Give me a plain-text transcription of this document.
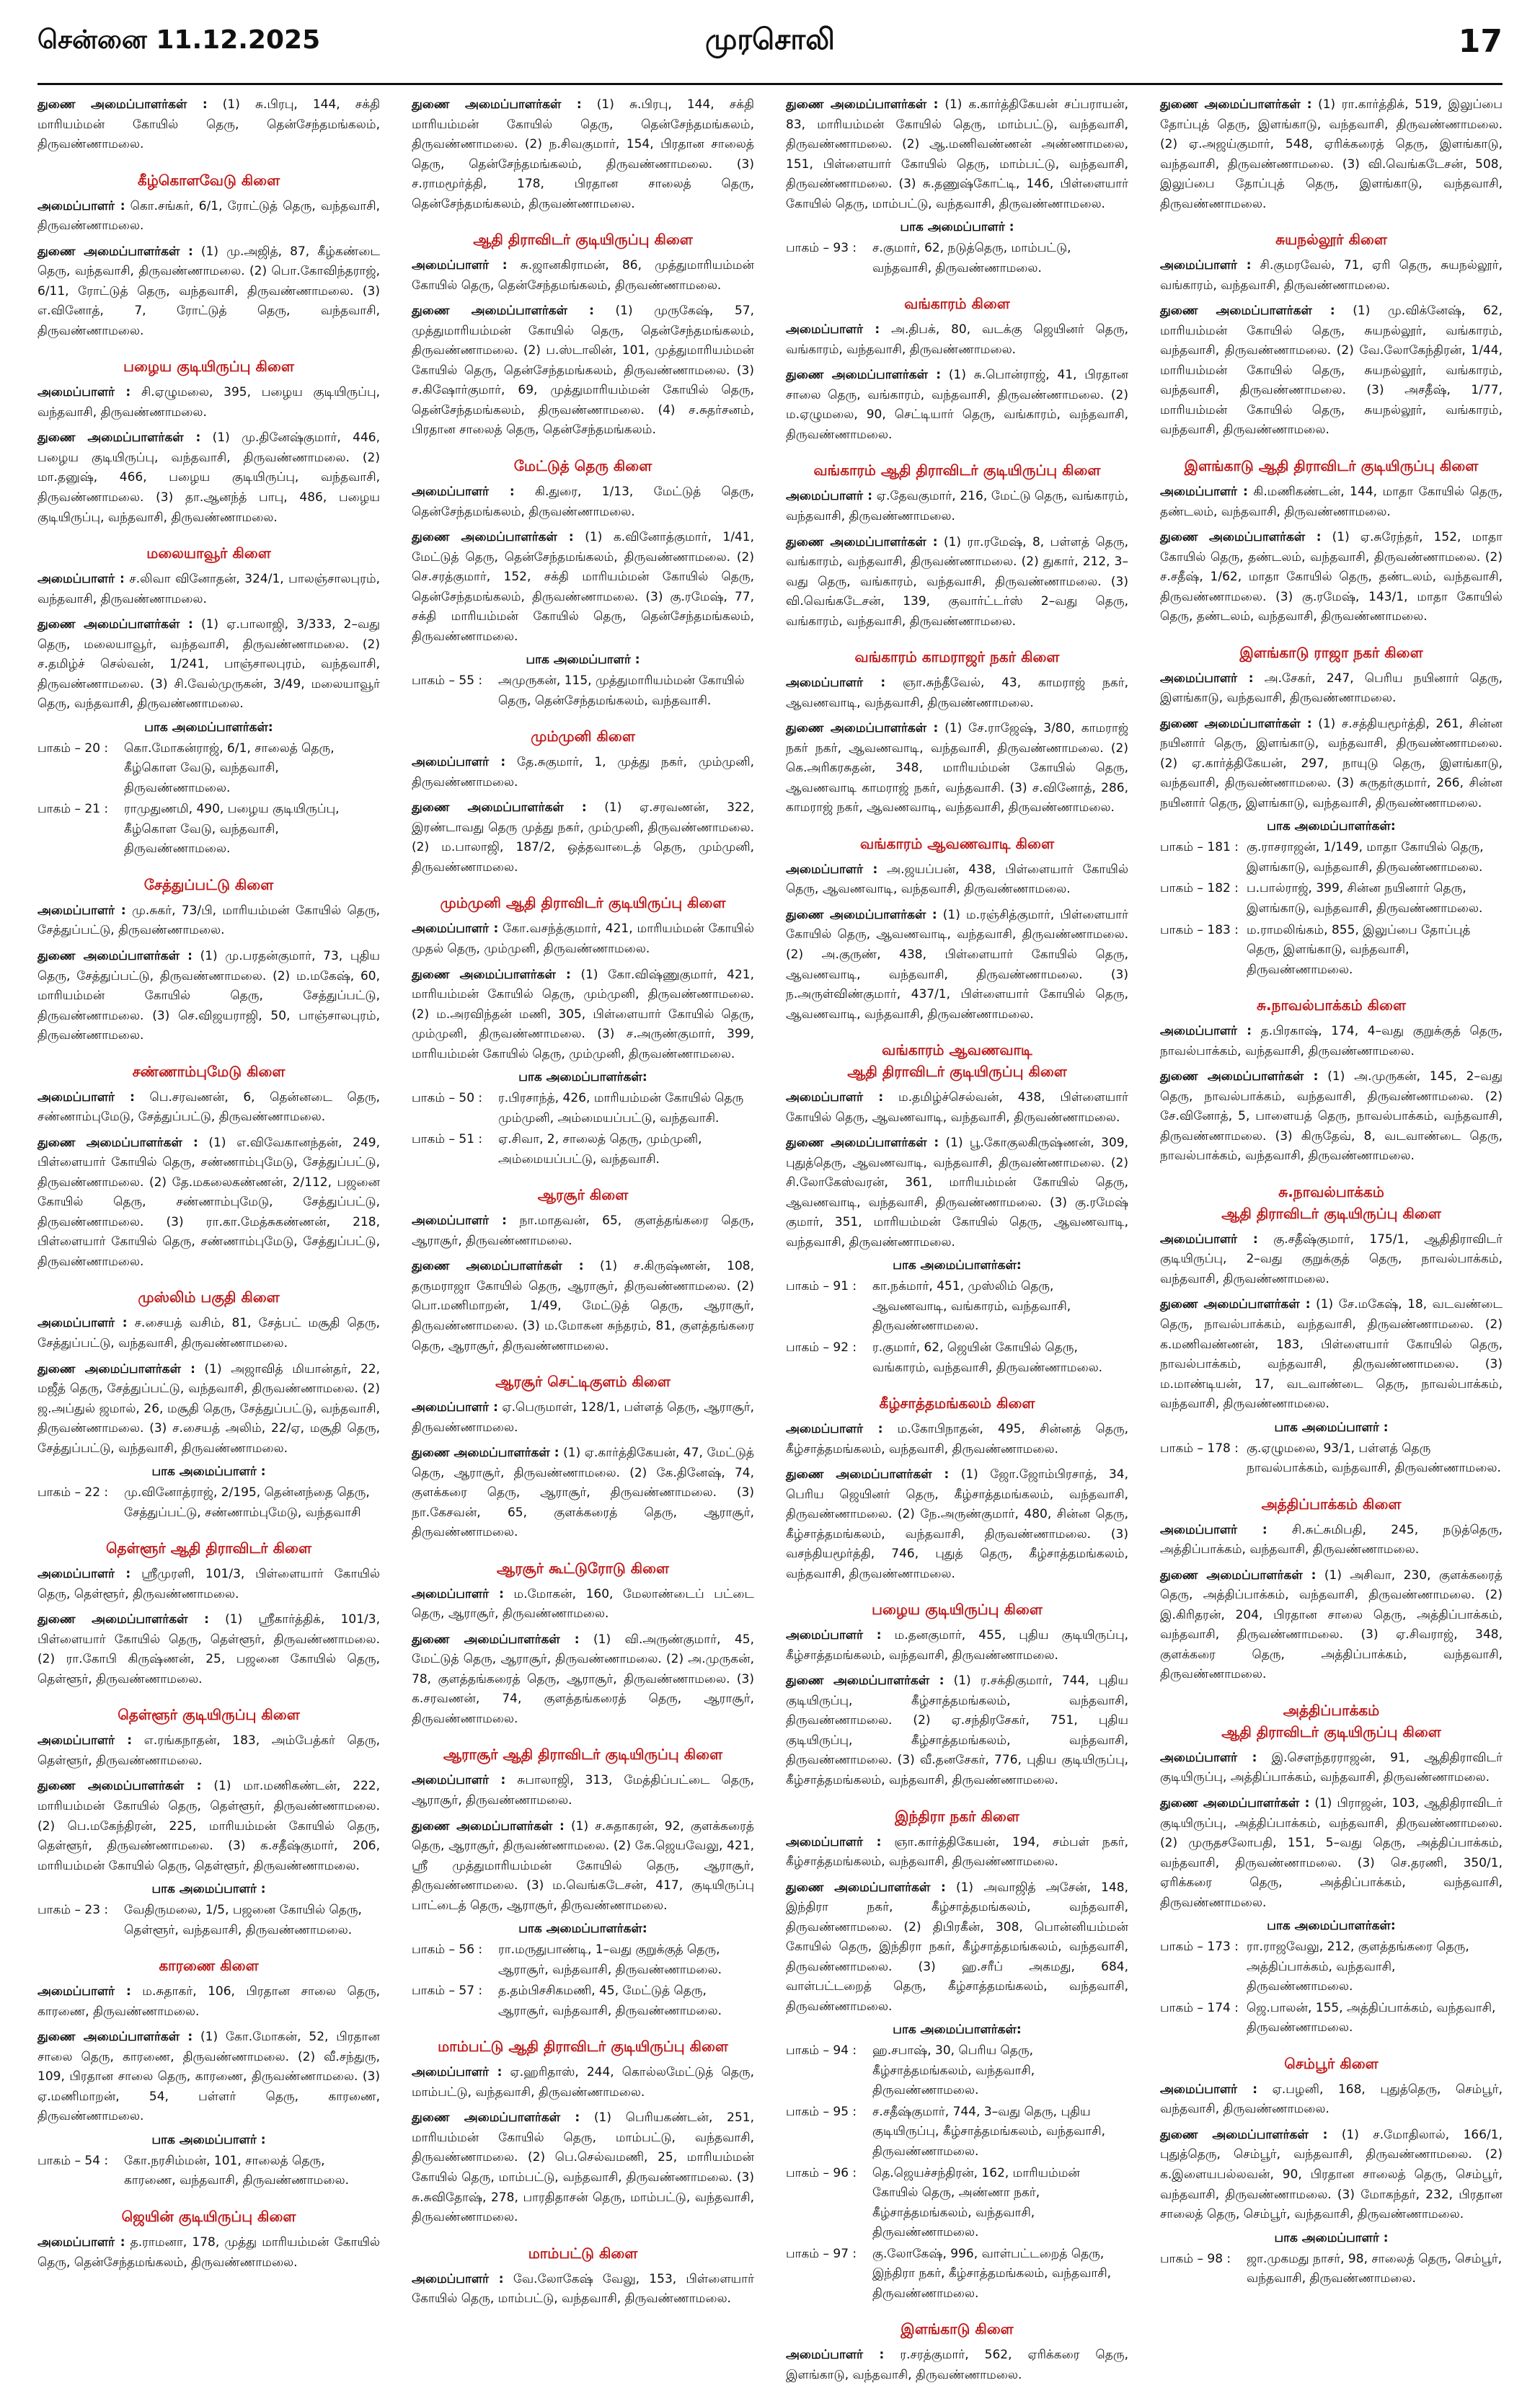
சென்னை 11.12.2025	முரசொலி	17

துணை அமைப்பாளர்கள் : (1) சு.பிரபு, 144, சக்தி மாரியம்மன் கோயில் தெரு, தென்சேந்தமங்கலம், திருவண்ணாமலை.

கீழ்கொளவேடு கிளை

அமைப்பாளர் : கொ.சங்கர், 6/1, ரோட்டுத் தெரு, வந்தவாசி, திருவண்ணாமலை.

துணை அமைப்பாளர்கள் : (1) மு.அஜித், 87, கீழ்கண்டை தெரு, வந்தவாசி, திருவண்ணாமலை. (2) பொ.கோவிந்தராஜ், 6/11, ரோட்டுத் தெரு, வந்தவாசி, திருவண்ணாமலை. (3) எ.வினோத், 7, ரோட்டுத் தெரு, வந்தவாசி, திருவண்ணாமலை.

பழைய குடியிருப்பு கிளை

அமைப்பாளர் : சி.ஏழுமலை, 395, பழைய குடியிருப்பு, வந்தவாசி, திருவண்ணாமலை.

துணை அமைப்பாளர்கள் : (1) மு.தினேஷ்குமார், 446, பழைய குடியிருப்பு, வந்தவாசி, திருவண்ணாமலை. (2) மா.தனுஷ், 466, பழைய குடியிருப்பு, வந்தவாசி, திருவண்ணாமலை. (3) தா.ஆனந்த் பாபு, 486, பழைய குடியிருப்பு, வந்தவாசி, திருவண்ணாமலை.

மலையாவூர் கிளை

அமைப்பாளர் : ச.லிவா வினோதன், 324/1, பாலஞ்சாலபுரம், வந்தவாசி, திருவண்ணாமலை.

துணை அமைப்பாளர்கள் : (1) ஏ.பாலாஜி, 3/333, 2–வது தெரு, மலையாவூர், வந்தவாசி, திருவண்ணாமலை. (2) ச.தமிழ்ச் செல்வன், 1/241, பாஞ்சாலபுரம், வந்தவாசி, திருவண்ணாமலை. (3) சி.வேல்முருகன், 3/49, மலையாவூர் தெரு, வந்தவாசி, திருவண்ணாமலை.

பாக அமைப்பாளர்கள்:
பாகம் – 20 :	கொ.மோகன்ராஜ், 6/1, சாலைத் தெரு, கீழ்கொள வேடு, வந்தவாசி, திருவண்ணாமலை.
பாகம் – 21 :	ராமுதுணமி, 490, பழைய குடியிருப்பு, கீழ்கொள வேடு, வந்தவாசி, திருவண்ணாமலை.
சேத்துப்பட்டு கிளை

அமைப்பாளர் : மு.சுகர், 73/பி, மாரியம்மன் கோயில் தெரு, சேத்துப்பட்டு, திருவண்ணாமலை.

துணை அமைப்பாளர்கள் : (1) மு.பரதன்குமார், 73, புதிய தெரு, சேத்துப்பட்டு, திருவண்ணாமலை. (2) ம.மகேஷ், 60, மாரியம்மன் கோயில் தெரு, சேத்துப்பட்டு, திருவண்ணாமலை. (3) செ.விஜயராஜி, 50, பாஞ்சாலபுரம், திருவண்ணாமலை.

சண்ணாம்புமேடு கிளை

அமைப்பாளர் : பெ.சரவணன், 6, தென்னடை தெரு, சண்ணாம்புமேடு, சேத்துப்பட்டு, திருவண்ணாமலை.

துணை அமைப்பாளர்கள் : (1) எ.விவேகானந்தன், 249, பிள்ளையார் கோயில் தெரு, சண்ணாம்புமேடு, சேத்துப்பட்டு, திருவண்ணாமலை. (2) தே.மகலைகண்ணன், 2/112, பஜனை கோயில் தெரு, சண்ணாம்புமேடு, சேத்துப்பட்டு, திருவண்ணாமலை. (3) ரா.கா.மேத்சுகண்ணன், 218, பிள்ளையார் கோயில் தெரு, சண்ணாம்புமேடு, சேத்துப்பட்டு, திருவண்ணாமலை.

முஸ்லிம் பகுதி கிளை

அமைப்பாளர் : ச.சையத் வசிம், 81, சேத்பட் மசூதி தெரு, சேத்துப்பட்டு, வந்தவாசி, திருவண்ணாமலை.

துணை அமைப்பாளர்கள் : (1) அஜாவித் மியான்தர், 22, மஜீத் தெரு, சேத்துப்பட்டு, வந்தவாசி, திருவண்ணாமலை. (2) ஜ.அப்துல் ஜமால், 26, மசூதி தெரு, சேத்துப்பட்டு, வந்தவாசி, திருவண்ணாமலை. (3) ச.சையத் அலிம், 22/ஏ, மசூதி தெரு, சேத்துப்பட்டு, வந்தவாசி, திருவண்ணாமலை.

பாக அமைப்பாளர் :
பாகம் – 22 :	மு.வினோத்ராஜ், 2/195, தென்னந்தை தெரு, சேத்துப்பட்டு, சண்ணாம்புமேடு, வந்தவாசி
தெள்ளூர் ஆதி திராவிடர் கிளை

அமைப்பாளர் : ஸ்ரீமுரளி, 101/3, பிள்ளையார் கோயில் தெரு, தெள்ளூர், திருவண்ணாமலை.

துணை அமைப்பாளர்கள் : (1) ஸ்ரீகார்த்திக், 101/3, பிள்ளையார் கோயில் தெரு, தெள்ளூர், திருவண்ணாமலை. (2) ரா.கோபி கிருஷ்ணன், 25, பஜனை கோயில் தெரு, தெள்ளூர், திருவண்ணாமலை.

தெள்ளூர் குடியிருப்பு கிளை

அமைப்பாளர் : எ.ரங்கநாதன், 183, அம்பேத்கர் தெரு, தெள்ளூர், திருவண்ணாமலை.

துணை அமைப்பாளர்கள் : (1) மா.மணிகண்டன், 222, மாரியம்மன் கோயில் தெரு, தெள்ளூர், திருவண்ணாமலை. (2) பெ.மகேந்திரன், 225, மாரியம்மன் கோயில் தெரு, தெள்ளூர், திருவண்ணாமலை. (3) க.சதீஷ்குமார், 206, மாரியம்மன் கோயில் தெரு, தெள்ளூர், திருவண்ணாமலை.

பாக அமைப்பாளர் :
பாகம் – 23 :	வேதிருமலை, 1/5, பஜனை கோயில் தெரு, தெள்ளூர், வந்தவாசி, திருவண்ணாமலை.
காரணை கிளை

அமைப்பாளர் : ம.சுதாகர், 106, பிரதான சாலை தெரு, காரணை, திருவண்ணாமலை.

துணை அமைப்பாளர்கள் : (1) கோ.மோகன், 52, பிரதான சாலை தெரு, காரணை, திருவண்ணாமலை. (2) வீ.சந்துரு, 109, பிரதான சாலை தெரு, காரணை, திருவண்ணாமலை. (3) ஏ.மணிமாறன், 54, பள்ளர் தெரு, காரணை, திருவண்ணாமலை.

பாக அமைப்பாளர் :
பாகம் – 54 :	கோ.நரசிம்மன், 101, சாலைத் தெரு, காரணை, வந்தவாசி, திருவண்ணாமலை.
ஜெயின் குடியிருப்பு கிளை

அமைப்பாளர் : த.ராமனா, 178, முத்து மாரியம்மன் கோயில் தெரு, தென்சேந்தமங்கலம், திருவண்ணாமலை.

துணை அமைப்பாளர்கள் : (1) சு.பிரபு, 144, சக்தி மாரியம்மன் கோயில் தெரு, தென்சேந்தமங்கலம், திருவண்ணாமலை. (2) ந.சிவகுமார், 154, பிரதான சாலைத் தெரு, தென்சேந்தமங்கலம், திருவண்ணாமலை. (3) ச.ராமமூர்த்தி, 178, பிரதான சாலைத் தெரு, தென்சேந்தமங்கலம், திருவண்ணாமலை.

ஆதி திராவிடர் குடியிருப்பு கிளை

அமைப்பாளர் : சு.ஜானகிராமன், 86, முத்துமாரியம்மன் கோயில் தெரு, தென்சேந்தமங்கலம், திருவண்ணாமலை.

துணை அமைப்பாளர்கள் : (1) முருகேஷ், 57, முத்துமாரியம்மன் கோயில் தெரு, தென்சேந்தமங்கலம், திருவண்ணாமலை. (2) ப.ஸ்டாலின், 101, முத்துமாரியம்மன் கோயில் தெரு, தென்சேந்தமங்கலம், திருவண்ணாமலை. (3) ச.கிஷோர்குமார், 69, முத்துமாரியம்மன் கோயில் தெரு, தென்சேந்தமங்கலம், திருவண்ணாமலை. (4) ச.சுதர்சனம், பிரதான சாலைத் தெரு, தென்சேந்தமங்கலம்.

மேட்டுத் தெரு கிளை

அமைப்பாளர் : கி.துரை, 1/13, மேட்டுத் தெரு, தென்சேந்தமங்கலம், திருவண்ணாமலை.

துணை அமைப்பாளர்கள் : (1) க.வினோத்குமார், 1/41, மேட்டுத் தெரு, தென்சேந்தமங்கலம், திருவண்ணாமலை. (2) செ.சரத்குமார், 152, சக்தி மாரியம்மன் கோயில் தெரு, தென்சேந்தமங்கலம், திருவண்ணாமலை. (3) கு.ரமேஷ், 77, சக்தி மாரியம்மன் கோயில் தெரு, தென்சேந்தமங்கலம், திருவண்ணாமலை.

பாக அமைப்பாளர் :
பாகம் – 55 :	அமுருகன், 115, முத்துமாரியம்மன் கோயில் தெரு, தென்சேந்தமங்கலம், வந்தவாசி.
மும்முனி கிளை

அமைப்பாளர் : தே.சுகுமார், 1, முத்து நகர், மும்முனி, திருவண்ணாமலை.

துணை அமைப்பாளர்கள் : (1) ஏ.சரவணன், 322, இரண்டாவது தெரு முத்து நகர், மும்முனி, திருவண்ணாமலை. (2) ம.பாலாஜி, 187/2, ஒத்தவாடைத் தெரு, மும்முனி, திருவண்ணாமலை.

மும்முனி ஆதி திராவிடர் குடியிருப்பு கிளை

அமைப்பாளர் : கோ.வசந்த்குமார், 421, மாரியம்மன் கோயில் முதல் தெரு, மும்முனி, திருவண்ணாமலை.

துணை அமைப்பாளர்கள் : (1) கோ.விஷ்ணுகுமார், 421, மாரியம்மன் கோயில் தெரு, மும்முனி, திருவண்ணாமலை. (2) ம.அரவிந்தன் மணி, 305, பிள்ளையார் கோயில் தெரு, மும்முனி, திருவண்ணாமலை. (3) ச.அருண்குமார், 399, மாரியம்மன் கோயில் தெரு, மும்முனி, திருவண்ணாமலை.

பாக அமைப்பாளர்கள்:
பாகம் – 50 :	ர.பிரசாந்த், 426, மாரியம்மன் கோயில் தெரு மும்முனி, அம்மையப்பட்டு, வந்தவாசி.
பாகம் – 51 :	ஏ.சிவா, 2, சாலைத் தெரு, மும்முனி, அம்மையப்பட்டு, வந்தவாசி.
ஆரசூர் கிளை

அமைப்பாளர் : நா.மாதவன், 65, குளத்தங்கரை தெரு, ஆராசூர், திருவண்ணாமலை.

துணை அமைப்பாளர்கள் : (1) ச.கிருஷ்ணன், 108, தருமராஜா கோயில் தெரு, ஆராசூர், திருவண்ணாமலை. (2) பொ.மணிமாறன், 1/49, மேட்டுத் தெரு, ஆராசூர், திருவண்ணாமலை. (3) ம.மோகன சுந்தரம், 81, குளத்தங்கரை தெரு, ஆராசூர், திருவண்ணாமலை.

ஆரசூர் செட்டிகுளம் கிளை

அமைப்பாளர் : ஏ.பெருமாள், 128/1, பள்ளத் தெரு, ஆராசூர், திருவண்ணாமலை.

துணை அமைப்பாளர்கள் : (1) ஏ.கார்த்திகேயன், 47, மேட்டுத் தெரு, ஆராசூர், திருவண்ணாமலை. (2) கே.தினேஷ், 74, குளக்கரை தெரு, ஆராசூர், திருவண்ணாமலை. (3) நா.கேசவன், 65, குளக்கரைத் தெரு, ஆராசூர், திருவண்ணாமலை.

ஆரசூர் கூட்டுரோடு கிளை

அமைப்பாளர் : ம.மோகன், 160, மேலாண்டைப் பட்டை தெரு, ஆராசூர், திருவண்ணாமலை.

துணை அமைப்பாளர்கள் : (1) வி.அருண்குமார், 45, மேட்டுத் தெரு, ஆராசூர், திருவண்ணாமலை. (2) அ.முருகன், 78, குளத்தங்கரைத் தெரு, ஆராசூர், திருவண்ணாமலை. (3) க.சரவணன், 74, குளத்தங்கரைத் தெரு, ஆராசூர், திருவண்ணாமலை.

ஆராசூர் ஆதி திராவிடர் குடியிருப்பு கிளை

அமைப்பாளர் : சுபாலாஜி, 313, மேத்திப்பட்டை தெரு, ஆராசூர், திருவண்ணாமலை.

துணை அமைப்பாளர்கள் : (1) ச.சுதாகரன், 92, குளக்கரைத் தெரு, ஆராசூர், திருவண்ணாமலை. (2) கே.ஜெயவேலு, 421, ஸ்ரீ முத்துமாரியம்மன் கோயில் தெரு, ஆராசூர், திருவண்ணாமலை. (3) ம.வெங்கடேசன், 417, குடியிருப்பு பாட்டைத் தெரு, ஆராசூர், திருவண்ணாமலை.

பாக அமைப்பாளர்கள்:
பாகம் – 56 :	ரா.மருதுபாண்டி, 1–வது குறுக்குத் தெரு, ஆராசூர், வந்தவாசி, திருவண்ணாமலை.
பாகம் – 57 :	த.தம்பிசசிகமணி, 45, மேட்டுத் தெரு, ஆராசூர், வந்தவாசி, திருவண்ணாமலை.
மாம்பட்டு ஆதி திராவிடர் குடியிருப்பு கிளை

அமைப்பாளர் : ஏ.ஹரிதாஸ், 244, கொல்லமேட்டுத் தெரு, மாம்பட்டு, வந்தவாசி, திருவண்ணாமலை.

துணை அமைப்பாளர்கள் : (1) பெரியகண்டன், 251, மாரியம்மன் கோயில் தெரு, மாம்பட்டு, வந்தவாசி, திருவண்ணாமலை. (2) பெ.செல்வமணி, 25, மாரியம்மன் கோயில் தெரு, மாம்பட்டு, வந்தவாசி, திருவண்ணாமலை. (3) சு.சுவிதோஷ், 278, பாரதிதாசன் தெரு, மாம்பட்டு, வந்தவாசி, திருவண்ணாமலை.

மாம்பட்டு கிளை

அமைப்பாளர் : வே.லோகேஷ் வேலு, 153, பிள்ளையார் கோயில் தெரு, மாம்பட்டு, வந்தவாசி, திருவண்ணாமலை.

துணை அமைப்பாளர்கள் : (1) க.கார்த்திகேயன் சப்பராயன், 83, மாரியம்மன் கோயில் தெரு, மாம்பட்டு, வந்தவாசி, திருவண்ணாமலை. (2) ஆ.மணிவண்ணன் அண்ணாமலை, 151, பிள்ளையார் கோயில் தெரு, மாம்பட்டு, வந்தவாசி, திருவண்ணாமலை. (3) சு.தணுஷ்கோட்டி, 146, பிள்ளையார் கோயில் தெரு, மாம்பட்டு, வந்தவாசி, திருவண்ணாமலை.

பாக அமைப்பாளர் :
பாகம் – 93 :	ச.குமார், 62, நடுத்தெரு, மாம்பட்டு, வந்தவாசி, திருவண்ணாமலை.
வங்காரம் கிளை

அமைப்பாளர் : அ.திபக், 80, வடக்கு ஜெயினர் தெரு, வங்காரம், வந்தவாசி, திருவண்ணாமலை.

துணை அமைப்பாளர்கள் : (1) சு.பொன்ராஜ், 41, பிரதான சாலை தெரு, வங்காரம், வந்தவாசி, திருவண்ணாமலை. (2) ம.ஏழுமலை, 90, செட்டியார் தெரு, வங்காரம், வந்தவாசி, திருவண்ணாமலை.

வங்காரம் ஆதி திராவிடர் குடியிருப்பு கிளை

அமைப்பாளர் : ஏ.தேவகுமார், 216, மேட்டு தெரு, வங்காரம், வந்தவாசி, திருவண்ணாமலை.

துணை அமைப்பாளர்கள் : (1) ரா.ரமேஷ், 8, பள்ளத் தெரு, வங்காரம், வந்தவாசி, திருவண்ணாமலை. (2) துகார், 212, 3–வது தெரு, வங்காரம், வந்தவாசி, திருவண்ணாமலை. (3) வி.வெங்கடேசன், 139, குவார்ட்டர்ஸ் 2–வது தெரு, வங்காரம், வந்தவாசி, திருவண்ணாமலை.

வங்காரம் காமராஜர் நகர் கிளை

அமைப்பாளர் : ஞா.சுந்தீவேல், 43, காமராஜ் நகர், ஆவணவாடி, வந்தவாசி, திருவண்ணாமலை.

துணை அமைப்பாளர்கள் : (1) சே.ராஜேஷ், 3/80, காமராஜ் நகர் நகர், ஆவணவாடி, வந்தவாசி, திருவண்ணாமலை. (2) கெ.அரிகரசுதன், 348, மாரியம்மன் கோயில் தெரு, ஆவணவாடி காமராஜ் நகர், வந்தவாசி. (3) ச.வினோத், 286, காமராஜ் நகர், ஆவணவாடி, வந்தவாசி, திருவண்ணாமலை.

வங்காரம் ஆவணவாடி கிளை

அமைப்பாளர் : அ.ஜயப்பன், 438, பிள்ளையார் கோயில் தெரு, ஆவணவாடி, வந்தவாசி, திருவண்ணாமலை.

துணை அமைப்பாளர்கள் : (1) ம.ரஞ்சித்குமார், பிள்ளையார் கோயில் தெரு, ஆவணவாடி, வந்தவாசி, திருவண்ணாமலை. (2) அ.குருண், 438, பிள்ளையார் கோயில் தெரு, ஆவணவாடி, வந்தவாசி, திருவண்ணாமலை. (3) ந.அருள்விண்குமார், 437/1, பிள்ளையார் கோயில் தெரு, ஆவணவாடி, வந்தவாசி, திருவண்ணாமலை.

வங்காரம் ஆவணவாடி
ஆதி திராவிடர் குடியிருப்பு கிளை

அமைப்பாளர் : ம.தமிழ்ச்செல்வன், 438, பிள்ளையார் கோயில் தெரு, ஆவணவாடி, வந்தவாசி, திருவண்ணாமலை.

துணை அமைப்பாளர்கள் : (1) பூ.கோகுலகிருஷ்ணன், 309, புதுத்தெரு, ஆவணவாடி, வந்தவாசி, திருவண்ணாமலை. (2) சி.லோகேஸ்வரன், 361, மாரியம்மன் கோயில் தெரு, ஆவணவாடி, வந்தவாசி, திருவண்ணாமலை. (3) கு.ரமேஷ் குமார், 351, மாரியம்மன் கோயில் தெரு, ஆவணவாடி, வந்தவாசி, திருவண்ணாமலை.

பாக அமைப்பாளர்கள்:
பாகம் – 91 :	கா.நக்மார், 451, முஸ்லிம் தெரு, ஆவணவாடி, வங்காரம், வந்தவாசி, திருவண்ணாமலை.
பாகம் – 92 :	ர.குமார், 62, ஜெயின் கோயில் தெரு, வங்காரம், வந்தவாசி, திருவண்ணாமலை.
கீழ்சாத்தமங்கலம் கிளை

அமைப்பாளர் : ம.கோபிநாதன், 495, சின்னத் தெரு, கீழ்சாத்தமங்கலம், வந்தவாசி, திருவண்ணாமலை.

துணை அமைப்பாளர்கள் : (1) ஜோ.ஜோம்பிரசாத், 34, பெரிய ஜெயினர் தெரு, கீழ்சாத்தமங்கலம், வந்தவாசி, திருவண்ணாமலை. (2) நே.அருண்குமார், 480, சின்ன தெரு, கீழ்சாத்தமங்கலம், வந்தவாசி, திருவண்ணாமலை. (3) வசந்தியமூர்த்தி, 746, புதுத் தெரு, கீழ்சாத்தமங்கலம், வந்தவாசி, திருவண்ணாமலை.

பழைய குடியிருப்பு கிளை

அமைப்பாளர் : ம.தனகுமார், 455, புதிய குடியிருப்பு, கீழ்சாத்தமங்கலம், வந்தவாசி, திருவண்ணாமலை.

துணை அமைப்பாளர்கள் : (1) ர.சக்திகுமார், 744, புதிய குடியிருப்பு, கீழ்சாத்தமங்கலம், வந்தவாசி, திருவண்ணாமலை. (2) ஏ.சந்திரசேகர், 751, புதிய குடியிருப்பு, கீழ்சாத்தமங்கலம், வந்தவாசி, திருவண்ணாமலை. (3) வீ.தனசேகர், 776, புதிய குடியிருப்பு, கீழ்சாத்தமங்கலம், வந்தவாசி, திருவண்ணாமலை.

இந்திரா நகர் கிளை

அமைப்பாளர் : ஞா.கார்த்திகேயன், 194, சம்பள் நகர், கீழ்சாத்தமங்கலம், வந்தவாசி, திருவண்ணாமலை.

துணை அமைப்பாளர்கள் : (1) அவாஜித் அசேன், 148, இந்திரா நகர், கீழ்சாத்தமங்கலம், வந்தவாசி, திருவண்ணாமலை. (2) திபிரகீன், 308, பொன்னியம்மன் கோயில் தெரு, இந்திரா நகர், கீழ்சாத்தமங்கலம், வந்தவாசி, திருவண்ணாமலை. (3) ஹ.சரீப் அகமது, 684, வாள்பட்டறைத் தெரு, கீழ்சாத்தமங்கலம், வந்தவாசி, திருவண்ணாமலை.

பாக அமைப்பாளர்கள்:
பாகம் – 94 :	ஹ.சபாஷ், 30, பெரிய தெரு, கீழ்சாத்தமங்கலம், வந்தவாசி, திருவண்ணாமலை.
பாகம் – 95 :	ச.சதீஷ்குமார், 744, 3–வது தெரு, புதிய குடியிருப்பு, கீழ்சாத்தமங்கலம், வந்தவாசி, திருவண்ணாமலை.
பாகம் – 96 :	தெ.ஜெயச்சந்திரன், 162, மாரியம்மன் கோயில் தெரு, அண்ணா நகர், கீழ்சாத்தமங்கலம், வந்தவாசி, திருவண்ணாமலை.
பாகம் – 97 :	கு.லோகேஷ், 996, வாள்பட்டறைத் தெரு, இந்திரா நகர், கீழ்சாத்தமங்கலம், வந்தவாசி, திருவண்ணாமலை.
இளங்காடு கிளை

அமைப்பாளர் : ர.சரத்குமார், 562, ஏரிக்கரை தெரு, இளங்காடு, வந்தவாசி, திருவண்ணாமலை.

துணை அமைப்பாளர்கள் : (1) ரா.கார்த்திக், 519, இலுப்பை தோப்புத் தெரு, இளங்காடு, வந்தவாசி, திருவண்ணாமலை. (2) ஏ.அஜய்குமார், 548, ஏரிக்கரைத் தெரு, இளங்காடு, வந்தவாசி, திருவண்ணாமலை. (3) வி.வெங்கடேசன், 508, இலுப்பை தோப்புத் தெரு, இளங்காடு, வந்தவாசி, திருவண்ணாமலை.

சுயநல்லூர் கிளை

அமைப்பாளர் : சி.குமரவேல், 71, ஏரி தெரு, சுயநல்லூர், வங்காரம், வந்தவாசி, திருவண்ணாமலை.

துணை அமைப்பாளர்கள் : (1) மு.விக்னேஷ், 62, மாரியம்மன் கோயில் தெரு, சுயநல்லூர், வங்காரம், வந்தவாசி, திருவண்ணாமலை. (2) வே.லோகேந்திரன், 1/44, மாரியம்மன் கோயில் தெரு, சுயநல்லூர், வங்காரம், வந்தவாசி, திருவண்ணாமலை. (3) அசதீஷ், 1/77, மாரியம்மன் கோயில் தெரு, சுயநல்லூர், வங்காரம், வந்தவாசி, திருவண்ணாமலை.

இளங்காடு ஆதி திராவிடர் குடியிருப்பு கிளை

அமைப்பாளர் : கி.மணிகண்டன், 144, மாதா கோயில் தெரு, தண்டலம், வந்தவாசி, திருவண்ணாமலை.

துணை அமைப்பாளர்கள் : (1) ஏ.சுரேந்தர், 152, மாதா கோயில் தெரு, தண்டலம், வந்தவாசி, திருவண்ணாமலை. (2) ச.சதீஷ், 1/62, மாதா கோயில் தெரு, தண்டலம், வந்தவாசி, திருவண்ணாமலை. (3) கு.ரமேஷ், 143/1, மாதா கோயில் தெரு, தண்டலம், வந்தவாசி, திருவண்ணாமலை.

இளங்காடு ராஜா நகர் கிளை

அமைப்பாளர் : அ.சேகர், 247, பெரிய நயினார் தெரு, இளங்காடு, வந்தவாசி, திருவண்ணாமலை.

துணை அமைப்பாளர்கள் : (1) ச.சத்தியமூர்த்தி, 261, சின்ன நயினார் தெரு, இளங்காடு, வந்தவாசி, திருவண்ணாமலை. (2) ஏ.கார்த்திகேயன், 297, நாயுடு தெரு, இளங்காடு, வந்தவாசி, திருவண்ணாமலை. (3) சுருதர்குமார், 266, சின்ன நயினார் தெரு, இளங்காடு, வந்தவாசி, திருவண்ணாமலை.

பாக அமைப்பாளர்கள்:
பாகம் – 181 : கு.ராசராஜன், 1/149, மாதா கோயில் தெரு, இளங்காடு, வந்தவாசி, திருவண்ணாமலை.
பாகம் – 182 : ப.பால்ராஜ், 399, சின்ன நயினார் தெரு, இளங்காடு, வந்தவாசி, திருவண்ணாமலை.
பாகம் – 183 : ம.ராமலிங்கம், 855, இலுப்பை தோப்புத் தெரு, இளங்காடு, வந்தவாசி, திருவண்ணாமலை.
சு.நாவல்பாக்கம் கிளை

அமைப்பாளர் : த.பிரகாஷ், 174, 4–வது குறுக்குத் தெரு, நாவல்பாக்கம், வந்தவாசி, திருவண்ணாமலை.

துணை அமைப்பாளர்கள் : (1) அ.முருகன், 145, 2–வது தெரு, நாவல்பாக்கம், வந்தவாசி, திருவண்ணாமலை. (2) சே.வினோத், 5, பாளையத் தெரு, நாவல்பாக்கம், வந்தவாசி, திருவண்ணாமலை. (3) கிருதேவ், 8, வடவாண்டை தெரு, நாவல்பாக்கம், வந்தவாசி, திருவண்ணாமலை.

சு.நாவல்பாக்கம்
ஆதி திராவிடர் குடியிருப்பு கிளை

அமைப்பாளர் : கு.சதீஷ்குமார், 175/1, ஆதிதிராவிடர் குடியிருப்பு, 2–வது குறுக்குத் தெரு, நாவல்பாக்கம், வந்தவாசி, திருவண்ணாமலை.

துணை அமைப்பாளர்கள் : (1) சே.மகேஷ், 18, வடவண்டை தெரு, நாவல்பாக்கம், வந்தவாசி, திருவண்ணாமலை. (2) க.மணிவண்ணன், 183, பிள்ளையார் கோயில் தெரு, நாவல்பாக்கம், வந்தவாசி, திருவண்ணாமலை. (3) ம.மாண்டியன், 17, வடவாண்டை தெரு, நாவல்பாக்கம், வந்தவாசி, திருவண்ணாமலை.

பாக அமைப்பாளர் :
பாகம் – 178 : கு.ஏழுமலை, 93/1, பள்ளத் தெரு நாவல்பாக்கம், வந்தவாசி, திருவண்ணாமலை.
அத்திப்பாக்கம் கிளை

அமைப்பாளர் : சி.சுட்சுமிபதி, 245, நடுத்தெரு, அத்திப்பாக்கம், வந்தவாசி, திருவண்ணாமலை.

துணை அமைப்பாளர்கள் : (1) அசிவா, 230, குளக்கரைத் தெரு, அத்திப்பாக்கம், வந்தவாசி, திருவண்ணாமலை. (2) இ.கிரிதரன், 204, பிரதான சாலை தெரு, அத்திப்பாக்கம், வந்தவாசி, திருவண்ணாமலை. (3) ஏ.சிவராஜ், 348, குளக்கரை தெரு, அத்திப்பாக்கம், வந்தவாசி, திருவண்ணாமலை.

அத்திப்பாக்கம்
ஆதி திராவிடர் குடியிருப்பு கிளை

அமைப்பாளர் : இ.செளந்தரராஜன், 91, ஆதிதிராவிடர் குடியிருப்பு, அத்திப்பாக்கம், வந்தவாசி, திருவண்ணாமலை.

துணை அமைப்பாளர்கள் : (1) பிராஜன், 103, ஆதிதிராவிடர் குடியிருப்பு, அத்திப்பாக்கம், வந்தவாசி, திருவண்ணாமலை. (2) முருதசலோபதி, 151, 5–வது தெரு, அத்திப்பாக்கம், வந்தவாசி, திருவண்ணாமலை. (3) செ.தரணி, 350/1, ஏரிக்கரை தெரு, அத்திப்பாக்கம், வந்தவாசி, திருவண்ணாமலை.

பாக அமைப்பாளர்கள்:
பாகம் – 173 : ரா.ராஜவேலு, 212, குளத்தங்கரை தெரு, அத்திப்பாக்கம், வந்தவாசி, திருவண்ணாமலை.
பாகம் – 174 : ஜெ.பாலன், 155, அத்திப்பாக்கம், வந்தவாசி, திருவண்ணாமலை.
செம்பூர் கிளை

அமைப்பாளர் : ஏ.பழனி, 168, புதுத்தெரு, செம்பூர், வந்தவாசி, திருவண்ணாமலை.

துணை அமைப்பாளர்கள் : (1) ச.மோதிலால், 166/1, புதுத்தெரு, செம்பூர், வந்தவாசி, திருவண்ணாமலை. (2) க.இளையபல்லவன், 90, பிரதான சாலைத் தெரு, செம்பூர், வந்தவாசி, திருவண்ணாமலை. (3) மோகந்தர், 232, பிரதான சாலைத் தெரு, செம்பூர், வந்தவாசி, திருவண்ணாமலை.

பாக அமைப்பாளர் :
பாகம் – 98 :	ஜா.முகமது நாசர், 98, சாலைத் தெரு, செம்பூர், வந்தவாசி, திருவண்ணாமலை.
